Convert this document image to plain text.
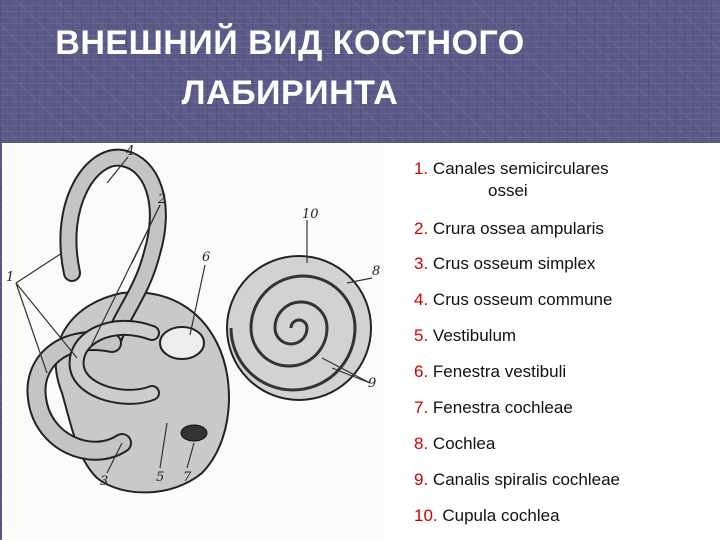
ВНЕШНИЙ ВИД КОСТНОГО
ЛАБИРИНТА
1
2
3
4
5
6
7
8
9
10
1. Canales semicirculares
ossei
2. Crura ossea ampularis
3. Crus osseum simplex
4. Crus osseum commune
5. Vestibulum
6. Fenestra vestibuli
7. Fenestra cochleae
8. Cochlea
9. Canalis spiralis cochleae
10. Cupula cochlea
